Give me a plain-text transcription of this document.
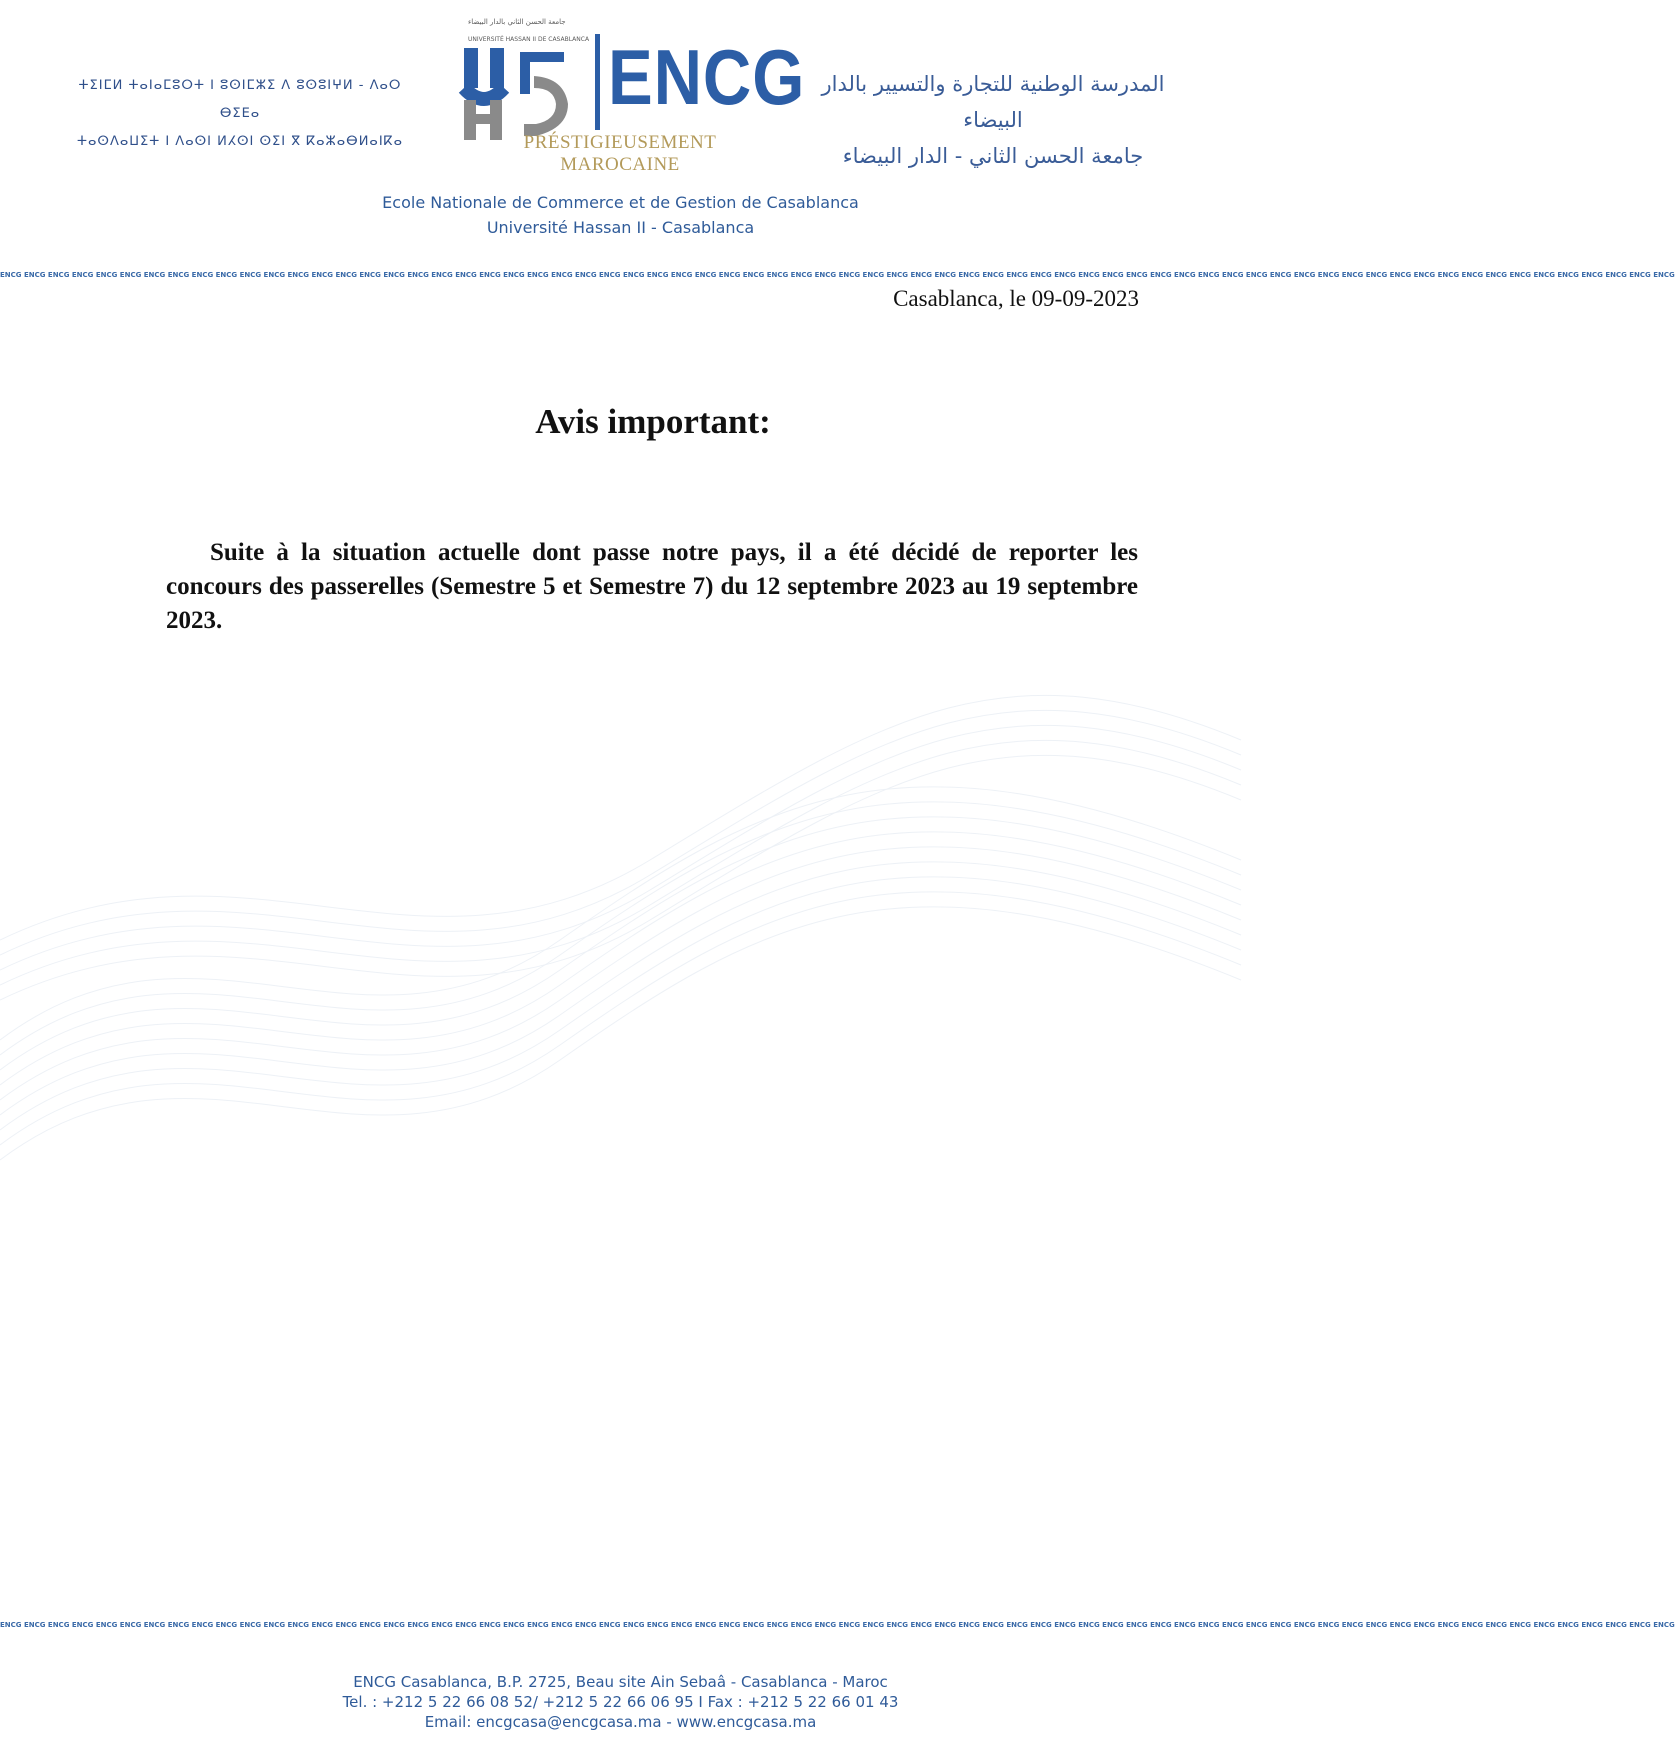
ⵜⵉⵏⵎⵍ ⵜⴰⵏⴰⵎⵓⵔⵜ ⵏ ⵓⵙⵏⵎⵣⵉ ⴷ ⵓⵙⵓⵏⵖⵍ - ⴷⴰⵔ ⴱⵉⴹⴰ
ⵜⴰⵙⴷⴰⵡⵉⵜ ⵏ ⴷⴰⵙⵏ ⵍⵃⵙⵏ ⵙⵉⵏ ⴳ ⴽⴰⵣⴰⴱⵍⴰⵏⴽⴰ
جامعة الحسن الثاني بالدار البيضاء
UNIVERSITÉ HASSAN II DE CASABLANCA ENCG
PRÉSTIGIEUSEMENT MAROCAINE
المدرسة الوطنية للتجارة والتسيير بالدار البيضاء
جامعة الحسن الثاني - الدار البيضاء
Ecole Nationale de Commerce et de Gestion de Casablanca
Université Hassan II - Casablanca
ENCG ENCG ENCG ENCG ENCG ENCG ENCG ENCG ENCG ENCG ENCG ENCG ENCG ENCG ENCG ENCG ENCG ENCG ENCG ENCG ENCG ENCG ENCG ENCG ENCG ENCG ENCG ENCG ENCG ENCG ENCG ENCG ENCG ENCG ENCG ENCG ENCG ENCG ENCG ENCG ENCG ENCG ENCG ENCG ENCG ENCG ENCG ENCG ENCG ENCG ENCG ENCG ENCG ENCG ENCG ENCG ENCG ENCG ENCG ENCG ENCG ENCG ENCG ENCG ENCG ENCG ENCG ENCG ENCG ENCG
Casablanca, le 09-09-2023
Avis important:
Suite à la situation actuelle dont passe notre pays, il a été décidé de reporter les concours des passerelles (Semestre 5 et Semestre 7) du 12 septembre 2023 au 19 septembre 2023.
ENCG ENCG ENCG ENCG ENCG ENCG ENCG ENCG ENCG ENCG ENCG ENCG ENCG ENCG ENCG ENCG ENCG ENCG ENCG ENCG ENCG ENCG ENCG ENCG ENCG ENCG ENCG ENCG ENCG ENCG ENCG ENCG ENCG ENCG ENCG ENCG ENCG ENCG ENCG ENCG ENCG ENCG ENCG ENCG ENCG ENCG ENCG ENCG ENCG ENCG ENCG ENCG ENCG ENCG ENCG ENCG ENCG ENCG ENCG ENCG ENCG ENCG ENCG ENCG ENCG ENCG ENCG ENCG ENCG ENCG
ENCG Casablanca, B.P. 2725, Beau site Ain Sebaâ - Casablanca - Maroc
Tel. : +212 5 22 66 08 52/ +212 5 22 66 06 95 I Fax : +212 5 22 66 01 43
Email: encgcasa@encgcasa.ma - www.encgcasa.ma
